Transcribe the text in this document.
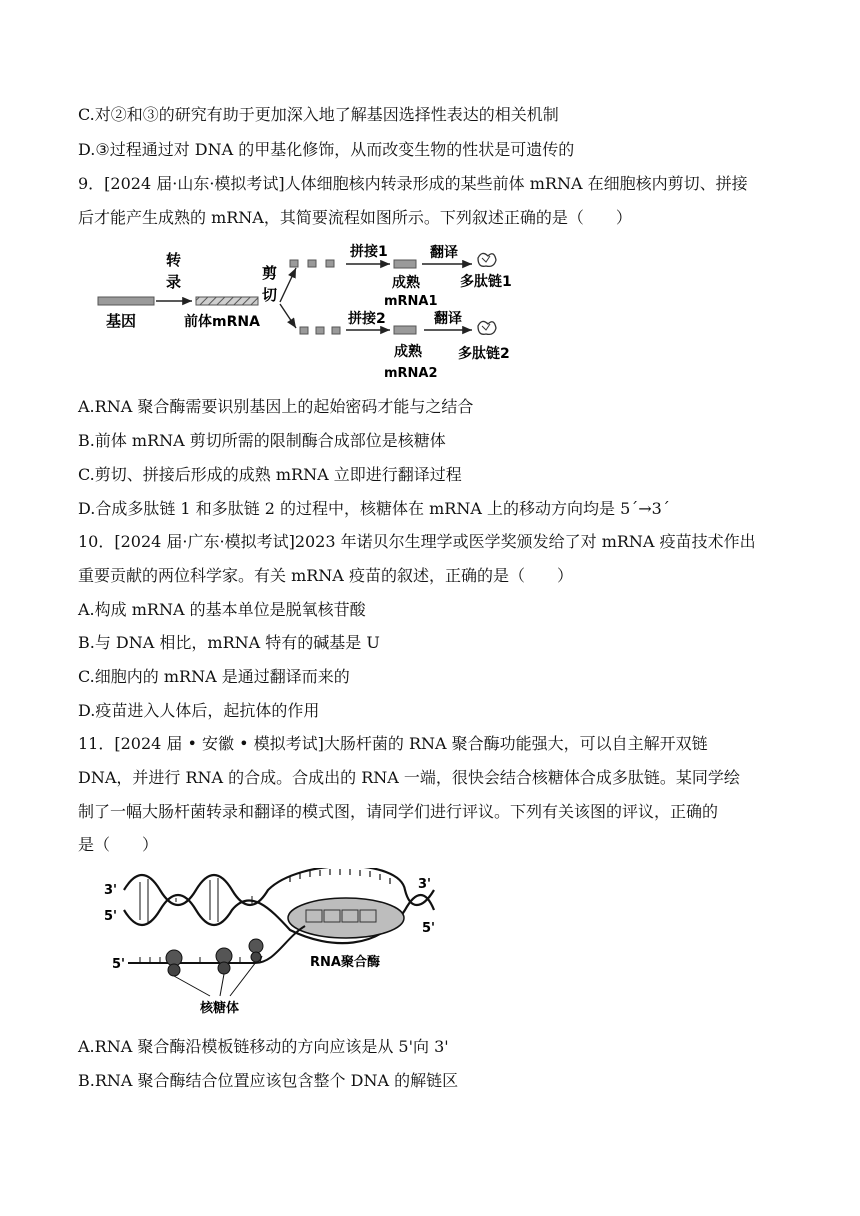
C.对②和③的研究有助于更加深入地了解基因选择性表达的相关机制
D.③过程通过对 DNA 的甲基化修饰，从而改变生物的性状是可遗传的
9．[2024 届·山东·模拟考试]人体细胞核内转录形成的某些前体 mRNA 在细胞核内剪切、拼接
后才能产生成熟的 mRNA，其简要流程如图所示。下列叙述正确的是（　　）
基因
转
录
前体mRNA
剪
切
拼接1
拼接2
成熟
mRNA1
成熟
mRNA2
翻译
翻译
多肽链1
多肽链2
A.RNA 聚合酶需要识别基因上的起始密码才能与之结合
B.前体 mRNA 剪切所需的限制酶合成部位是核糖体
C.剪切、拼接后形成的成熟 mRNA 立即进行翻译过程
D.合成多肽链 1 和多肽链 2 的过程中，核糖体在 mRNA 上的移动方向均是 5´→3´
10．[2024 届·广东·模拟考试]2023 年诺贝尔生理学或医学奖颁发给了对 mRNA 疫苗技术作出
重要贡献的两位科学家。有关 mRNA 疫苗的叙述，正确的是（　　）
A.构成 mRNA 的基本单位是脱氧核苷酸
B.与 DNA 相比，mRNA 特有的碱基是 U
C.细胞内的 mRNA 是通过翻译而来的
D.疫苗进入人体后，起抗体的作用
11．[2024 届 • 安徽 • 模拟考试]大肠杆菌的 RNA 聚合酶功能强大，可以自主解开双链
DNA，并进行 RNA 的合成。合成出的 RNA 一端，很快会结合核糖体合成多肽链。某同学绘
制了一幅大肠杆菌转录和翻译的模式图，请同学们进行评议。下列有关该图的评议，正确的
是（　　）
RNA聚合酶
3'
5'
3'
5'
5'
核糖体
A.RNA 聚合酶沿模板链移动的方向应该是从 5'向 3'
B.RNA 聚合酶结合位置应该包含整个 DNA 的解链区
